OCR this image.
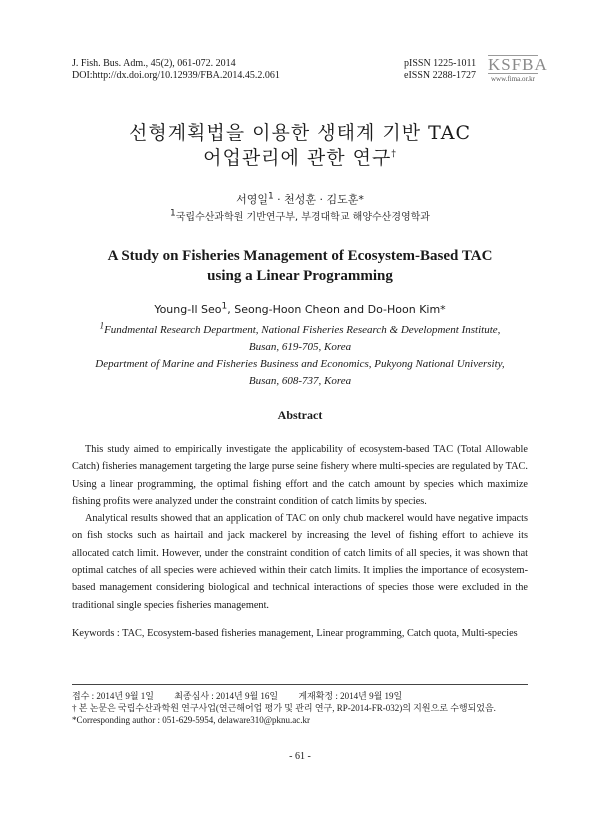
J. Fish. Bus. Adm., 45(2), 061-072. 2014
DOI:http://dx.doi.org/10.12939/FBA.2014.45.2.061
pISSN 1225-1011
eISSN 2288-1727
KSFBA
www.fima.or.kr
선형계획법을 이용한 생태계 기반 TAC
어업관리에 관한 연구†
서영일$^1$ · 천성훈 · 김도훈*
1국립수산과학원 기반연구부, 부경대학교 해양수산경영학과
A Study on Fisheries Management of Ecosystem-Based TAC
using a Linear Programming
Young-Il Seo$^1$, Seong-Hoon Cheon and Do-Hoon Kim*
$^1$Fundmental Research Department, National Fisheries Research & Development Institute,
Busan, 619-705, Korea
Department of Marine and Fisheries Business and Economics, Pukyong National University,
Busan, 608-737, Korea
Abstract

This study aimed to empirically investigate the applicability of ecosystem-based TAC (Total Allowable Catch) fisheries management targeting the large purse seine fishery where multi-species are regulated by TAC. Using a linear programming, the optimal fishing effort and the catch amount by species which maximize fishing profits were analyzed under the constraint condition of catch limits by species.

Analytical results showed that an application of TAC on only chub mackerel would have negative impacts on fish stocks such as hairtail and jack mackerel by increasing the level of fishing effort to achieve its allocated catch limit. However, under the constraint condition of catch limits of all species, it was shown that optimal catches of all species were achieved within their catch limits. It implies the importance of ecosystem-based management considering biological and technical interactions of species those were excluded in the traditional single species fisheries management.

Keywords : TAC, Ecosystem-based fisheries management, Linear programming, Catch quota, Multi-species
접수 : 2014년 9월 1일 최종심사 : 2014년 9월 16일 게재확정 : 2014년 9월 19일
† 본 논문은 국립수산과학원 연구사업(연근해어업 평가 및 관리 연구, RP-2014-FR-032)의 지원으로 수행되었음.
*Corresponding author : 051-629-5954, delaware310@pknu.ac.kr
- 61 -
